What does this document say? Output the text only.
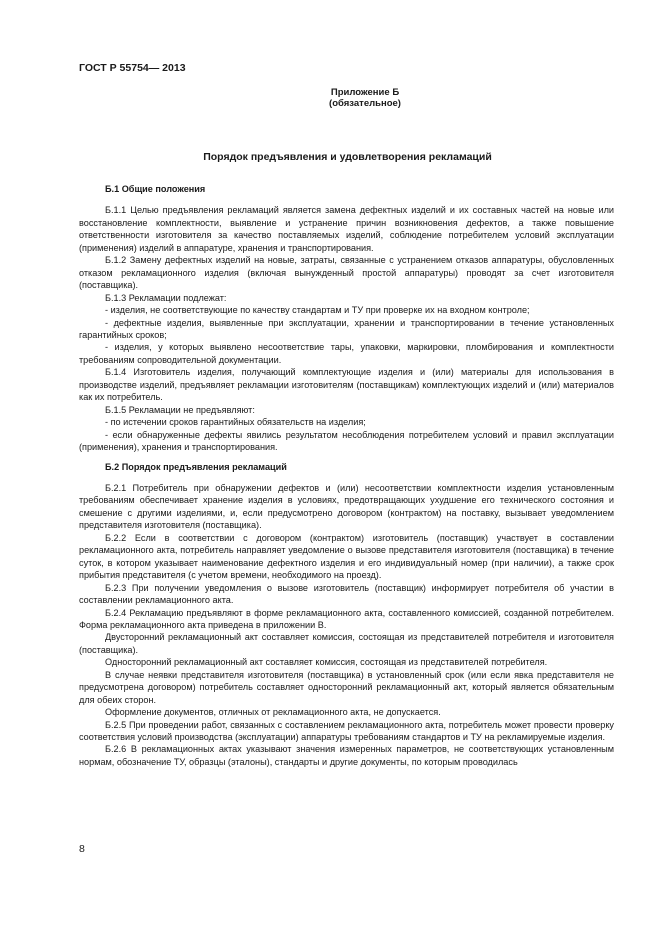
ГОСТ Р 55754— 2013
Приложение Б
(обязательное)
Порядок предъявления и удовлетворения рекламаций
Б.1 Общие положения

Б.1.1 Целью предъявления рекламаций является замена дефектных изделий и их составных частей на новые или восстановление комплектности, выявление и устранение причин возникновения дефектов, а также повышение ответственности изготовителя за качество поставляемых изделий, соблюдение потребителем условий эксплуатации (применения) изделий в аппаратуре, хранения и транспортирования.

Б.1.2 Замену дефектных изделий на новые, затраты, связанные с устранением отказов аппаратуры, обусловленных отказом рекламационного изделия (включая вынужденный простой аппаратуры) проводят за счет изготовителя (поставщика).

Б.1.3 Рекламации подлежат:

- изделия, не соответствующие по качеству стандартам и ТУ при проверке их на входном контроле;

- дефектные изделия, выявленные при эксплуатации, хранении и транспортировании в течение установленных гарантийных сроков;

- изделия, у которых выявлено несоответствие тары, упаковки, маркировки, пломбирования и комплектности требованиям сопроводительной документации.

Б.1.4 Изготовитель изделия, получающий комплектующие изделия и (или) материалы для использования в производстве изделий, предъявляет рекламации изготовителям (поставщикам) комплектующих изделий и (или) материалов как их потребитель.

Б.1.5 Рекламации не предъявляют:

- по истечении сроков гарантийных обязательств на изделия;

- если обнаруженные дефекты явились результатом несоблюдения потребителем условий и правил эксплуатации (применения), хранения и транспортирования.

Б.2 Порядок предъявления рекламаций

Б.2.1 Потребитель при обнаружении дефектов и (или) несоответствии комплектности изделия установленным требованиям обеспечивает хранение изделия в условиях, предотвращающих ухудшение его технического состояния и смешение с другими изделиями, и, если предусмотрено договором (контрактом) на поставку, вызывает уведомлением представителя изготовителя (поставщика).

Б.2.2 Если в соответствии с договором (контрактом) изготовитель (поставщик) участвует в составлении рекламационного акта, потребитель направляет уведомление о вызове представителя изготовителя (поставщика) в течение суток, в котором указывает наименование дефектного изделия и его индивидуальный номер (при наличии), а также срок прибытия представителя (с учетом времени, необходимого на проезд).

Б.2.3 При получении уведомления о вызове изготовитель (поставщик) информирует потребителя об участии в составлении рекламационного акта.

Б.2.4 Рекламацию предъявляют в форме рекламационного акта, составленного комиссией, созданной потребителем. Форма рекламационного акта приведена в приложении В.

Двусторонний рекламационный акт составляет комиссия, состоящая из представителей потребителя и изготовителя (поставщика).

Односторонний рекламационный акт составляет комиссия, состоящая из представителей потребителя.

В случае неявки представителя изготовителя (поставщика) в установленный срок (или если явка представителя не предусмотрена договором) потребитель составляет односторонний рекламационный акт, который является обязательным для обеих сторон.

Оформление документов, отличных от рекламационного акта, не допускается.

Б.2.5 При проведении работ, связанных с составлением рекламационного акта, потребитель может провести проверку соответствия условий производства (эксплуатации) аппаратуры требованиям стандартов и ТУ на рекламируемые изделия.

Б.2.6 В рекламационных актах указывают значения измеренных параметров, не соответствующих установленным нормам, обозначение ТУ, образцы (эталоны), стандарты и другие документы, по которым проводилась

8
